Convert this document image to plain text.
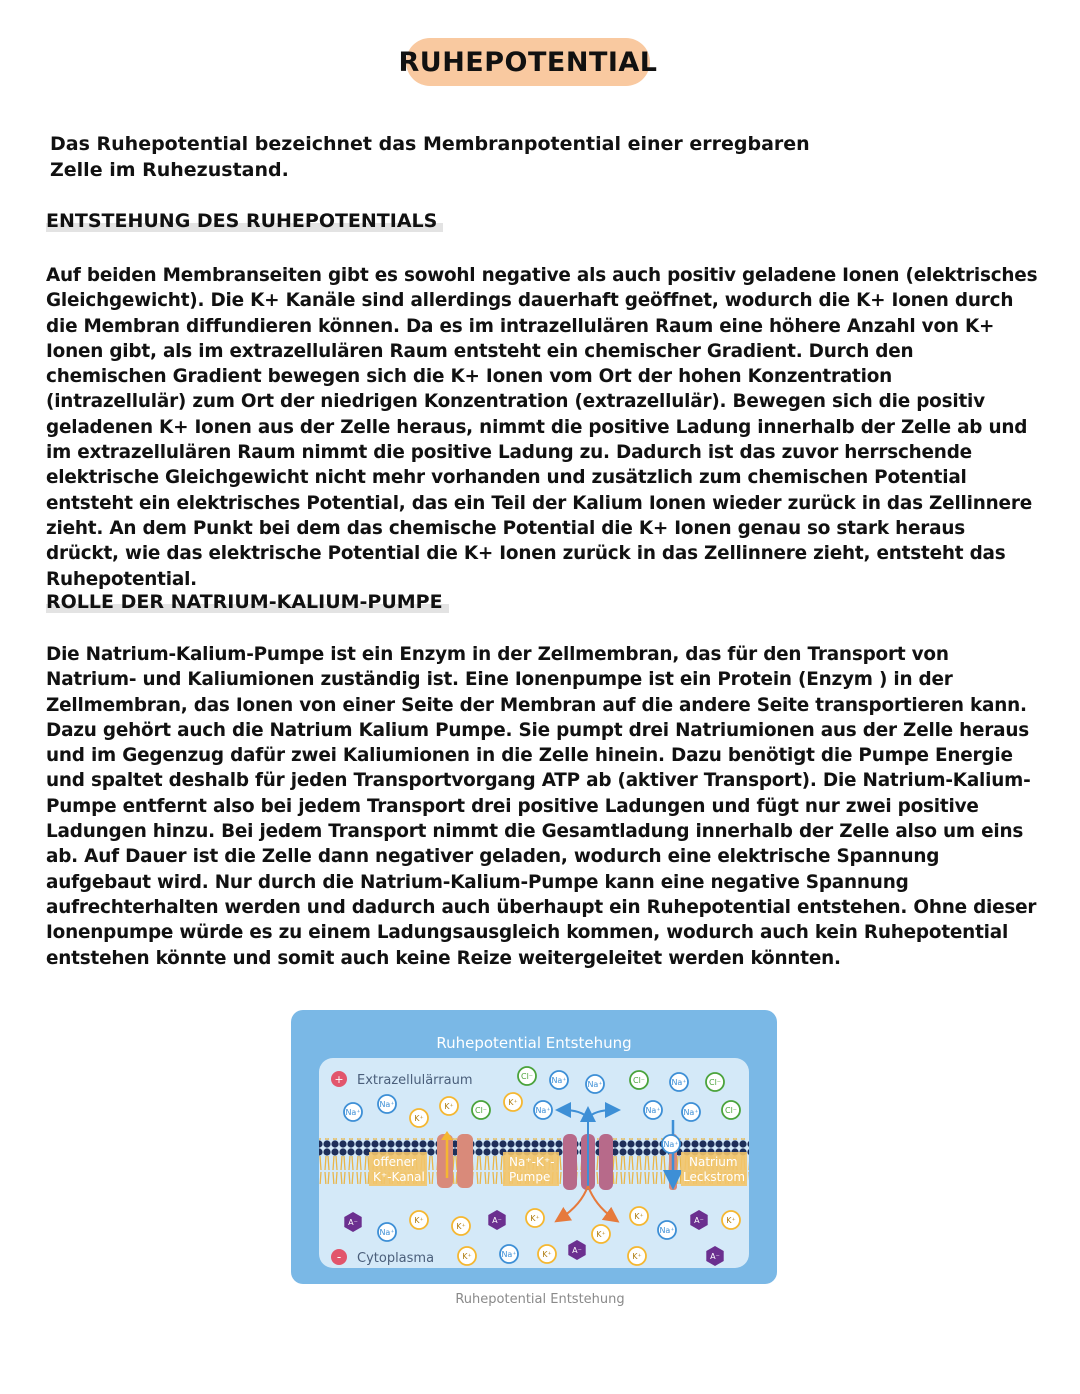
RUHEPOTENTIAL

Das Ruhepotential bezeichnet das Membranpotential einer erregbaren Zelle im Ruhezustand.

ENTSTEHUNG DES RUHEPOTENTIALS

Auf beiden Membranseiten gibt es sowohl negative als auch positiv geladene Ionen (elektrisches Gleichgewicht). Die K+ Kanäle sind allerdings dauerhaft geöffnet, wodurch die K+ Ionen durch die Membran diffundieren können. Da es im intrazellulären Raum eine höhere Anzahl von K+ Ionen gibt, als im extrazellulären Raum entsteht ein chemischer Gradient. Durch den chemischen Gradient bewegen sich die K+ Ionen vom Ort der hohen Konzentration (intrazellulär) zum Ort der niedrigen Konzentration (extrazellulär). Bewegen sich die positiv geladenen K+ Ionen aus der Zelle heraus, nimmt die positive Ladung innerhalb der Zelle ab und im extrazellulären Raum nimmt die positive Ladung zu. Dadurch ist das zuvor herrschende elektrische Gleichgewicht nicht mehr vorhanden und zusätzlich zum chemischen Potential entsteht ein elektrisches Potential, das ein Teil der Kalium Ionen wieder zurück in das Zellinnere zieht. An dem Punkt bei dem das chemische Potential die K+ Ionen genau so stark heraus drückt, wie das elektrische Potential die K+ Ionen zurück in das Zellinnere zieht, entsteht das Ruhepotential.

ROLLE DER NATRIUM-KALIUM-PUMPE

Die Natrium-Kalium-Pumpe ist ein Enzym in der Zellmembran, das für den Transport von Natrium- und Kaliumionen zuständig ist. Eine Ionenpumpe ist ein Protein (Enzym ) in der Zellmembran, das Ionen von einer Seite der Membran auf die andere Seite transportieren kann. Dazu gehört auch die Natrium Kalium Pumpe. Sie pumpt drei Natriumionen aus der Zelle heraus und im Gegenzug dafür zwei Kaliumionen in die Zelle hinein. Dazu benötigt die Pumpe Energie und spaltet deshalb für jeden Transportvorgang ATP ab (aktiver Transport). Die Natrium-Kalium-Pumpe entfernt also bei jedem Transport drei positive Ladungen und fügt nur zwei positive Ladungen hinzu. Bei jedem Transport nimmt die Gesamtladung innerhalb der Zelle also um eins ab. Auf Dauer ist die Zelle dann negativer geladen, wodurch eine elektrische Spannung aufgebaut wird. Nur durch die Natrium-Kalium-Pumpe kann eine negative Spannung aufrechterhalten werden und dadurch auch überhaupt ein Ruhepotential entstehen. Ohne dieser Ionenpumpe würde es zu einem Ladungsausgleich kommen, wodurch auch kein Ruhepotential entstehen könnte und somit auch keine Reize weitergeleitet werden könnten.

Ruhepotential Entstehung
offener
K⁺-Kanal
Na⁺-K⁺-
Pumpe
Natrium
Leckstrom
+ Extrazellulärraum
- Cytoplasma
Na⁺
Na⁺
K⁺
K⁺	Cl⁻
K⁺
Cl⁻ Na⁺	Na⁺	Cl⁻	Na⁺	Cl⁻
Na⁺	Na⁺	Na⁺	Cl⁻
Na⁺
A⁻
Na⁺
K⁺
K⁺
A⁻	K⁺
K⁺	Na⁺	K⁺	A⁻
K⁺
K⁺
K⁺
Na⁺
A⁻	K⁺
A⁻
Ruhepotential Entstehung
